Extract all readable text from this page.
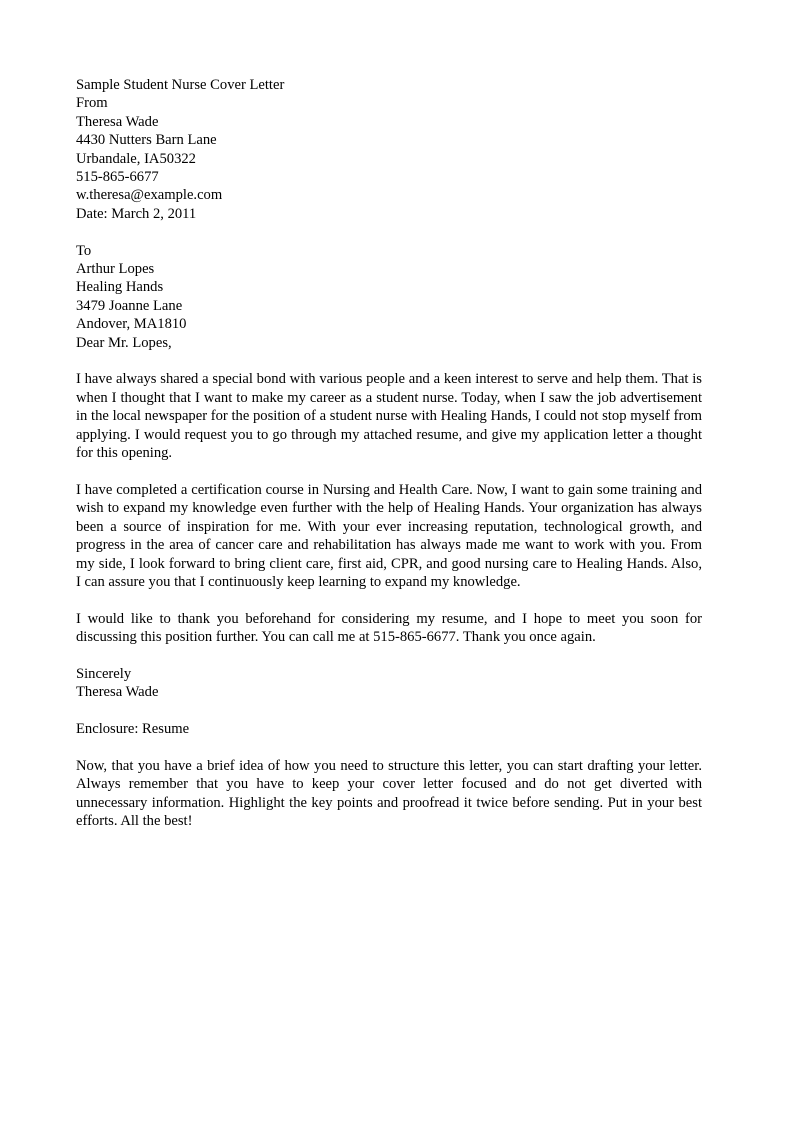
Sample Student Nurse Cover Letter
From
Theresa Wade
4430 Nutters Barn Lane
Urbandale, IA50322
515-865-6677
w.theresa@example.com
Date: March 2, 2011
To
Arthur Lopes
Healing Hands
3479 Joanne Lane
Andover, MA1810
Dear Mr. Lopes,

I have always shared a special bond with various people and a keen interest to serve and help them. That is when I thought that I want to make my career as a student nurse. Today, when I saw the job advertisement in the local newspaper for the position of a student nurse with Healing Hands, I could not stop myself from applying. I would request you to go through my attached resume, and give my application letter a thought for this opening.

I have completed a certification course in Nursing and Health Care. Now, I want to gain some training and wish to expand my knowledge even further with the help of Healing Hands. Your organization has always been a source of inspiration for me. With your ever increasing reputation, technological growth, and progress in the area of cancer care and rehabilitation has always made me want to work with you. From my side, I look forward to bring client care, first aid, CPR, and good nursing care to Healing Hands. Also, I can assure you that I continuously keep learning to expand my knowledge.

I would like to thank you beforehand for considering my resume, and I hope to meet you soon for discussing this position further. You can call me at 515-865-6677. Thank you once again.

Sincerely
Theresa Wade
Enclosure: Resume

Now, that you have a brief idea of how you need to structure this letter, you can start drafting your letter. Always remember that you have to keep your cover letter focused and do not get diverted with unnecessary information. Highlight the key points and proofread it twice before sending. Put in your best efforts. All the best!
